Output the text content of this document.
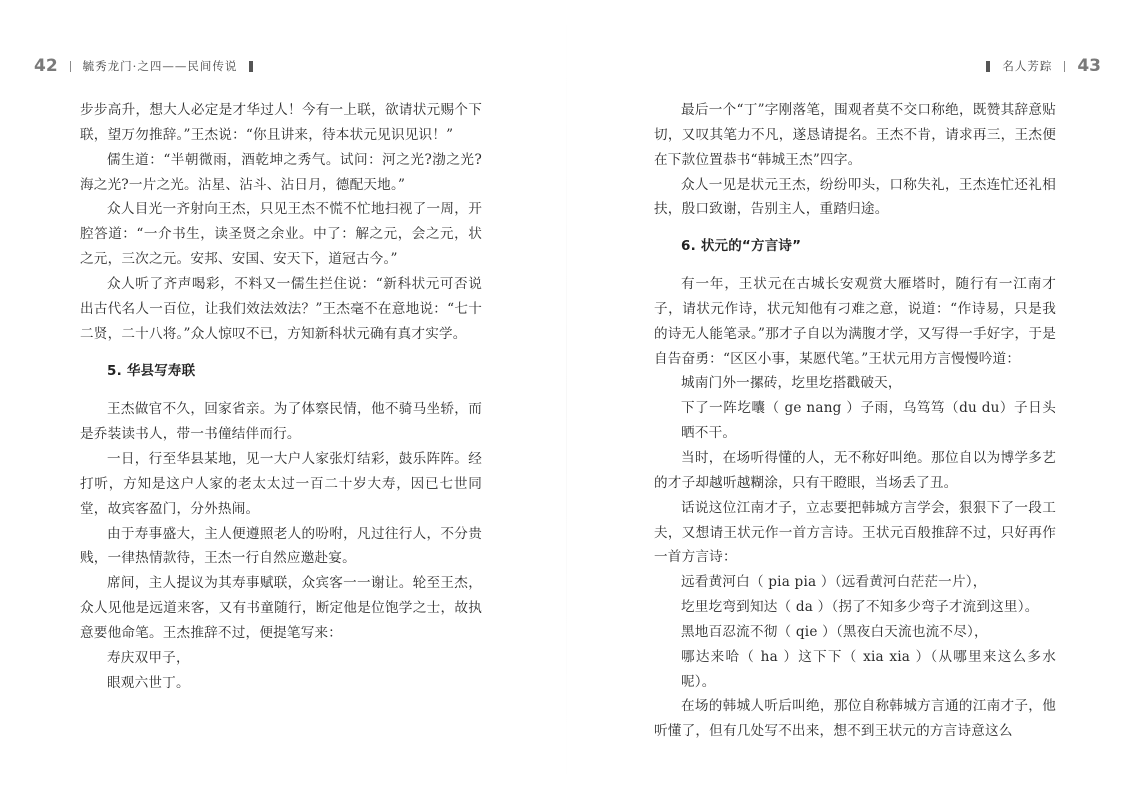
42 毓秀龙门·之四——民间传说	名人芳踪 43

步步高升，想大人必定是才华过人！今有一上联，欲请状元赐个下联，望万勿推辞。”王杰说：“你且讲来，待本状元见识见识！”

儒生道：“半朝微雨，酒乾坤之秀气。试问：河之光?渤之光?海之光?一片之光。沾星、沾斗、沾日月，德配天地。”

众人目光一齐射向王杰，只见王杰不慌不忙地扫视了一周，开腔答道：“一介书生，读圣贤之余业。中了：解之元，会之元，状之元，三次之元。安邦、安国、安天下，道冠古今。”

众人听了齐声喝彩，不料又一儒生拦住说：“新科状元可否说出古代名人一百位，让我们效法效法？”王杰毫不在意地说：“七十二贤，二十八将。”众人惊叹不已，方知新科状元确有真才实学。

5. 华县写寿联

王杰做官不久，回家省亲。为了体察民情，他不骑马坐轿，而是乔装读书人，带一书僮结伴而行。

一日，行至华县某地，见一大户人家张灯结彩，鼓乐阵阵。经打听，方知是这户人家的老太太过一百二十岁大寿，因已七世同堂，故宾客盈门，分外热闹。

由于寿事盛大，主人便遵照老人的吩咐，凡过往行人，不分贵贱，一律热情款待，王杰一行自然应邀赴宴。

席间，主人提议为其寿事赋联，众宾客一一谢让。轮至王杰，众人见他是远道来客，又有书童随行，断定他是位饱学之士，故执意要他命笔。王杰推辞不过，便提笔写来：

寿庆双甲子，

眼观六世丁。

最后一个“丁”字刚落笔，围观者莫不交口称绝，既赞其辞意贴切，又叹其笔力不凡，遂恳请提名。王杰不肯，请求再三，王杰便在下款位置恭书“韩城王杰”四字。

众人一见是状元王杰，纷纷叩头，口称失礼，王杰连忙还礼相扶，殷口致谢，告别主人，重踏归途。

6. 状元的“方言诗”

有一年，王状元在古城长安观赏大雁塔时，随行有一江南才子，请状元作诗，状元知他有刁难之意，说道：“作诗易，只是我的诗无人能笔录。”那才子自以为满腹才学，又写得一手好字，于是自告奋勇：“区区小事，某愿代笔。”王状元用方言慢慢吟道：

城南门外一摞砖，圪里圪搭戳破天，

下了一阵圪囔（ ge nang ）子雨，乌笃笃（du du）子日头晒不干。

当时，在场听得懂的人，无不称好叫绝。那位自以为博学多艺的才子却越听越糊涂，只有干瞪眼，当场丢了丑。

话说这位江南才子，立志要把韩城方言学会，狠狠下了一段工夫，又想请王状元作一首方言诗。王状元百般推辞不过，只好再作一首方言诗：

远看黄河白（ pia pia ）（远看黄河白茫茫一片），

圪里圪弯到知达（ da ）（拐了不知多少弯子才流到这里）。

黑地百忍流不彻（ qie ）（黑夜白天流也流不尽），

哪达来哈（ ha ）这下下（ xia xia ）（从哪里来这么多水呢）。

在场的韩城人听后叫绝，那位自称韩城方言通的江南才子，他听懂了，但有几处写不出来，想不到王状元的方言诗意这么
